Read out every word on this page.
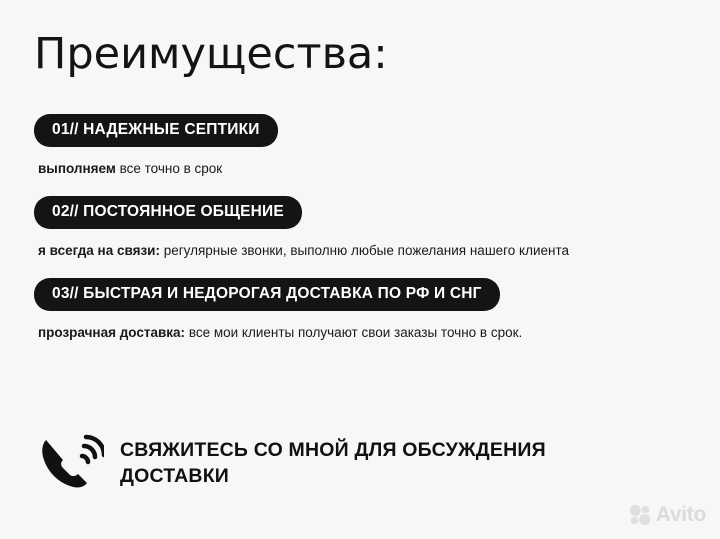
Преимущества:
01// НАДЕЖНЫЕ СЕПТИКИ
выполняем все точно в срок
02// ПОСТОЯННОЕ ОБЩЕНИЕ
я всегда на связи: регулярные звонки, выполню любые пожелания нашего клиента
03// БЫСТРАЯ И НЕДОРОГАЯ ДОСТАВКА ПО РФ И СНГ
прозрачная доставка: все мои клиенты получают свои заказы точно в срок.
СВЯЖИТЕСЬ СО МНОЙ ДЛЯ ОБСУЖДЕНИЯ ДОСТАВКИ
Avito
